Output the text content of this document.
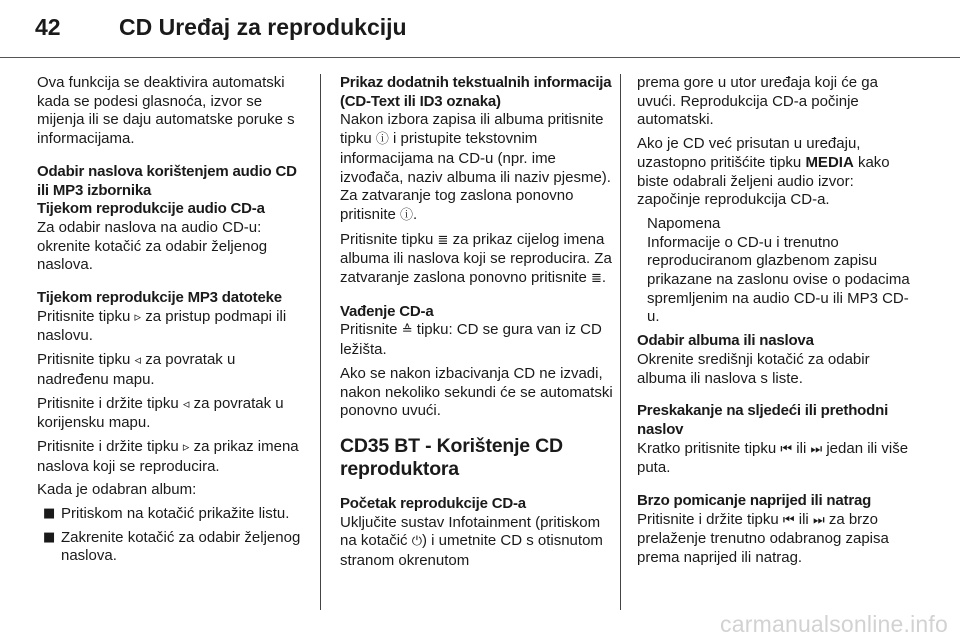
42	CD Uređaj za reprodukciju

Ova funkcija se deaktivira automatski kada se podesi glasnoća, izvor se mijenja ili se daju automatske poruke s informacijama.

Odabir naslova korištenjem audio CD ili MP3 izbornika

Tijekom reprodukcije audio CD-a

Za odabir naslova na audio CD-u: okrenite kotačić za odabir željenog naslova.

Tijekom reprodukcije MP3 datoteke

Pritisnite tipku ▹ za pristup podmapi ili naslovu.

Pritisnite tipku ◃ za povratak u nadređenu mapu.

Pritisnite i držite tipku ◃ za povratak u korijensku mapu.

Pritisnite i držite tipku ▹ za prikaz imena naslova koji se reproducira.

Kada je odabran album:

■ Pritiskom na kotačić prikažite listu.
■ Zakrenite kotačić za odabir željenog naslova.

Prikaz dodatnih tekstualnih informacija (CD-Text ili ID3 oznaka)

Nakon izbora zapisa ili albuma pritisnite tipku ⓘ i pristupite tekstovnim informacijama na CD-u (npr. ime izvođača, naziv albuma ili naziv pjesme). Za zatvaranje tog zaslona ponovno pritisnite ⓘ.

Pritisnite tipku ≣ za prikaz cijelog imena albuma ili naslova koji se reproducira. Za zatvaranje zaslona ponovno pritisnite ≣.

Vađenje CD-a

Pritisnite ≙ tipku: CD se gura van iz CD ležišta.

Ako se nakon izbacivanja CD ne izvadi, nakon nekoliko sekundi će se automatski ponovno uvući.

CD35 BT - Korištenje CD reproduktora

Početak reprodukcije CD-a

Uključite sustav Infotainment (pritiskom na kotačić ⏻) i umetnite CD s otisnutom stranom okrenutom

prema gore u utor uređaja koji će ga uvući. Reprodukcija CD-a počinje automatski.

Ako je CD već prisutan u uređaju, uzastopno pritišćite tipku MEDIA kako biste odabrali željeni audio izvor: započinje reprodukcija CD-a.

Napomena

Informacije o CD-u i trenutno reproduciranom glazbenom zapisu prikazane na zaslonu ovise o podacima spremljenim na audio CD-u ili MP3 CD-u.

Odabir albuma ili naslova

Okrenite središnji kotačić za odabir albuma ili naslova s liste.

Preskakanje na sljedeći ili prethodni naslov

Kratko pritisnite tipku ⏮ ili ⏭ jedan ili više puta.

Brzo pomicanje naprijed ili natrag

Pritisnite i držite tipku ⏮ ili ⏭ za brzo prelaženje trenutno odabranog zapisa prema naprijed ili natrag.

carmanualsonline.info
